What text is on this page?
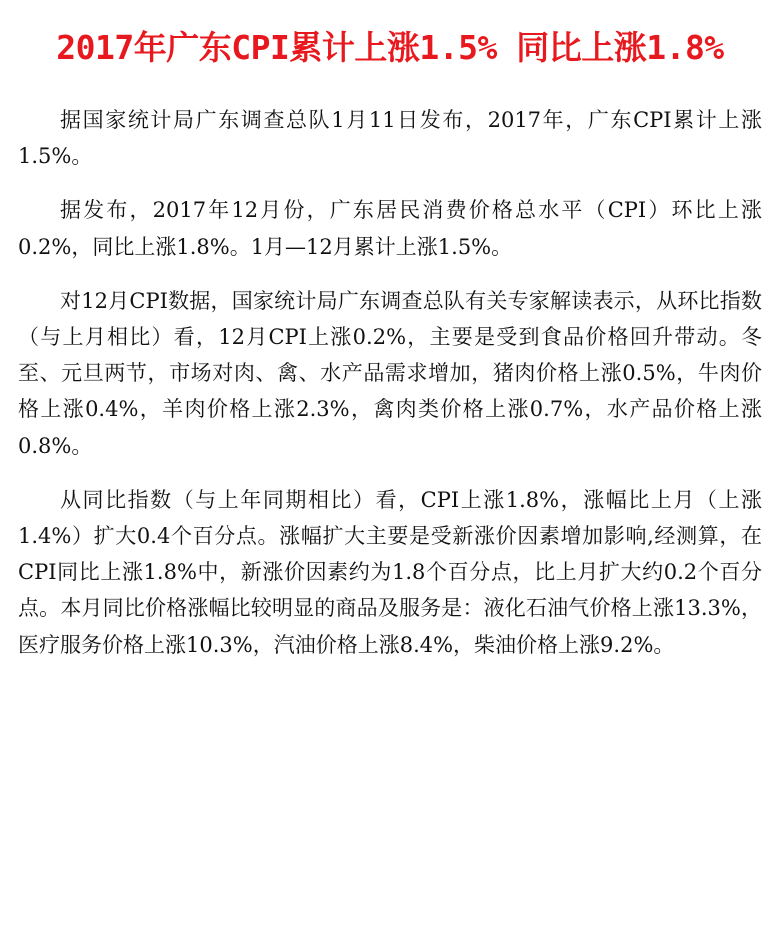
2017年广东CPI累计上涨1.5% 同比上涨1.8%

据国家统计局广东调查总队1月11日发布，2017年，广东CPI累计上涨1.5%。

据发布，2017年12月份，广东居民消费价格总水平（CPI）环比上涨0.2%，同比上涨1.8%。1月—12月累计上涨1.5%。

对12月CPI数据，国家统计局广东调查总队有关专家解读表示，从环比指数（与上月相比）看，12月CPI上涨0.2%，主要是受到食品价格回升带动。冬至、元旦两节，市场对肉、禽、水产品需求增加，猪肉价格上涨0.5%，牛肉价格上涨0.4%，羊肉价格上涨2.3%，禽肉类价格上涨0.7%，水产品价格上涨0.8%。

从同比指数（与上年同期相比）看，CPI上涨1.8%，涨幅比上月（上涨1.4%）扩大0.4个百分点。涨幅扩大主要是受新涨价因素增加影响,经测算，在CPI同比上涨1.8%中，新涨价因素约为1.8个百分点，比上月扩大约0.2个百分点。本月同比价格涨幅比较明显的商品及服务是：液化石油气价格上涨13.3%，医疗服务价格上涨10.3%，汽油价格上涨8.4%，柴油价格上涨9.2%。
